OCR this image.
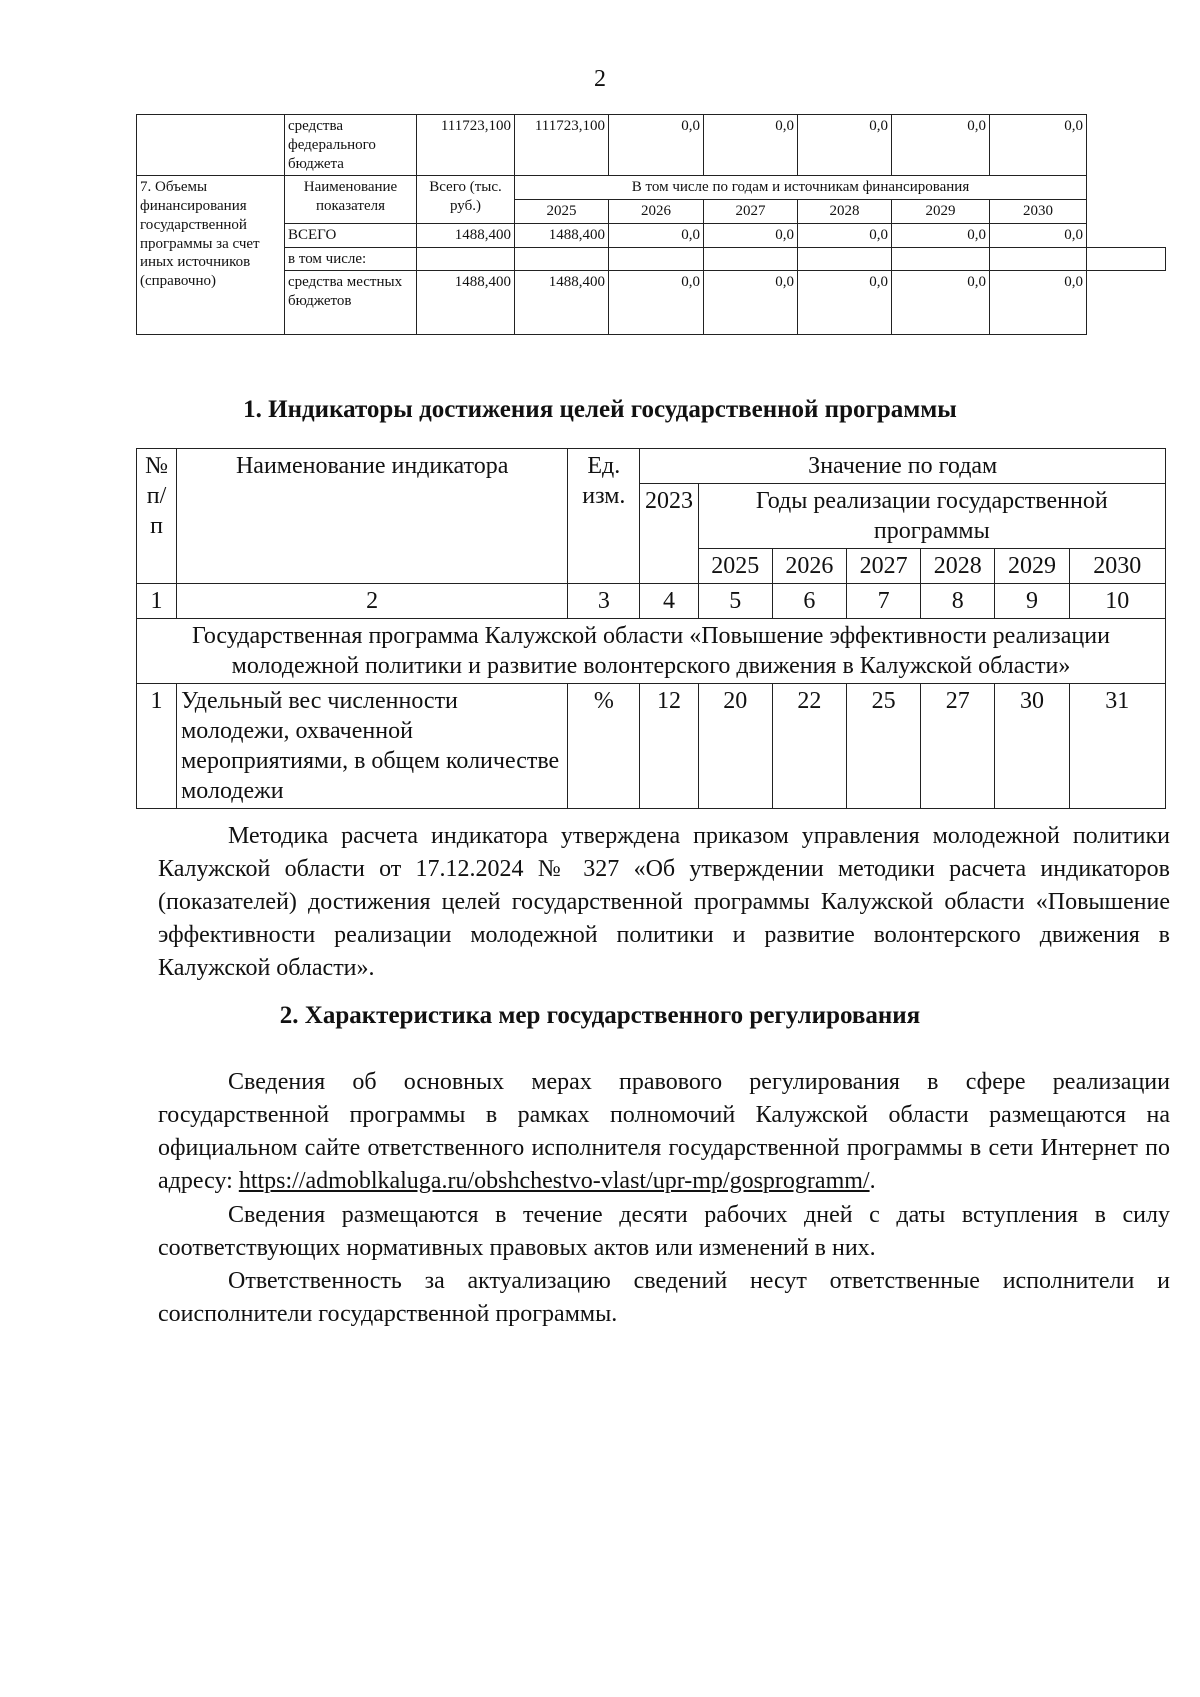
2
	средства федерального бюджета	111723,100	111723,100	0,0	0,0	0,0	0,0	0,0	
7. Объемы финансирования государственной программы за счет иных источников (справочно)	Наименование показателя	Всего (тыс. руб.)	В том числе по годам и источникам финансирования						
			2025	2026	2027	2028	2029	2030	
	ВСЕГО	1488,400	1488,400	0,0	0,0	0,0	0,0	0,0	
	в том числе:								
	средства местных бюджетов	1488,400	1488,400	0,0	0,0	0,0	0,0	0,0	
1. Индикаторы достижения целей государственной программы
№ п/п	Наименование индикатора	Ед. изм.	Значение по годам						
			2023	Годы реализации государственной программы					
				2025	2026	2027	2028	2029	2030
1	2	3	4	5	6	7	8	9	10
Государственная программа Калужской области «Повышение эффективности реализации молодежной политики и развитие волонтерского движения в Калужской области»									
1	Удельный вес численности молодежи, охваченной мероприятиями, в общем количестве молодежи	%	12	20	22	25	27	30	31

Методика расчета индикатора утверждена приказом управления молодежной политики Калужской области от 17.12.2024 № 327 «Об утверждении методики расчета индикаторов (показателей) достижения целей государственной программы Калужской области «Повышение эффективности реализации молодежной политики и развитие волонтерского движения в Калужской области».

2. Характеристика мер государственного регулирования

Сведения об основных мерах правового регулирования в сфере реализации государственной программы в рамках полномочий Калужской области размещаются на официальном сайте ответственного исполнителя государственной программы в сети Интернет по адресу: https://admoblkaluga.ru/obshchestvo-vlast/upr-mp/gosprogramm/.

Сведения размещаются в течение десяти рабочих дней с даты вступления в силу соответствующих нормативных правовых актов или изменений в них.

Ответственность за актуализацию сведений несут ответственные исполнители и соисполнители государственной программы.
